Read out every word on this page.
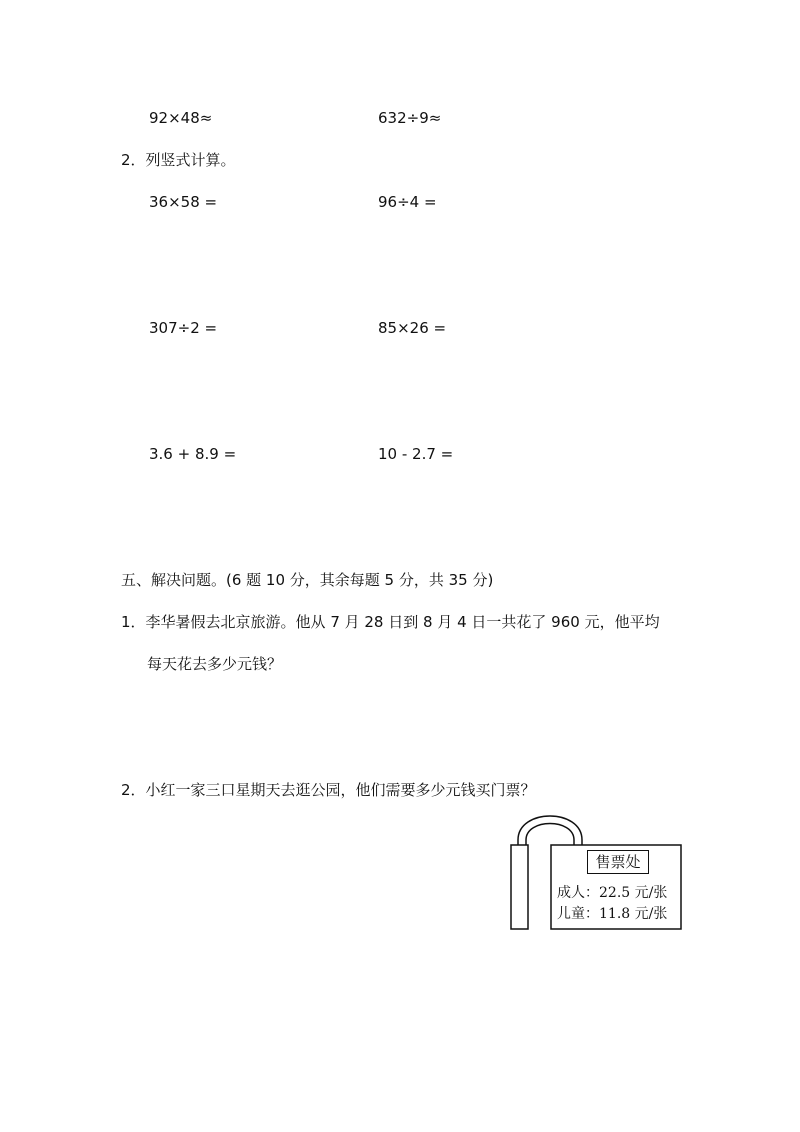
92×48≈	632÷9≈
2．列竖式计算。
36×58 =	96÷4 =
307÷2 =	85×26 =
3.6 + 8.9 =	10 - 2.7 =
五、解决问题。(6 题 10 分，其余每题 5 分，共 35 分)
1．李华暑假去北京旅游。他从 7 月 28 日到 8 月 4 日一共花了 960 元，他平均
每天花去多少元钱？
2．小红一家三口星期天去逛公园，他们需要多少元钱买门票？
售票处
成人：22.5 元/张
儿童：11.8 元/张
